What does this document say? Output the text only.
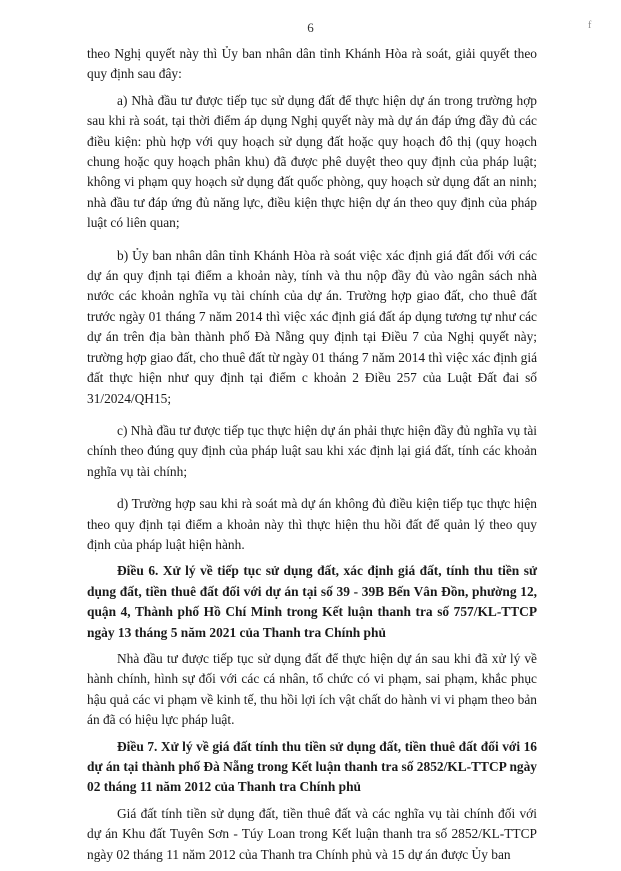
6	f

theo Nghị quyết này thì Ủy ban nhân dân tỉnh Khánh Hòa rà soát, giải quyết theo quy định sau đây:

a) Nhà đầu tư được tiếp tục sử dụng đất để thực hiện dự án trong trường hợp sau khi rà soát, tại thời điểm áp dụng Nghị quyết này mà dự án đáp ứng đầy đủ các điều kiện: phù hợp với quy hoạch sử dụng đất hoặc quy hoạch đô thị (quy hoạch chung hoặc quy hoạch phân khu) đã được phê duyệt theo quy định của pháp luật; không vi phạm quy hoạch sử dụng đất quốc phòng, quy hoạch sử dụng đất an ninh; nhà đầu tư đáp ứng đủ năng lực, điều kiện thực hiện dự án theo quy định của pháp luật có liên quan;

b) Ủy ban nhân dân tỉnh Khánh Hòa rà soát việc xác định giá đất đối với các dự án quy định tại điểm a khoản này, tính và thu nộp đầy đủ vào ngân sách nhà nước các khoản nghĩa vụ tài chính của dự án. Trường hợp giao đất, cho thuê đất trước ngày 01 tháng 7 năm 2014 thì việc xác định giá đất áp dụng tương tự như các dự án trên địa bàn thành phố Đà Nẵng quy định tại Điều 7 của Nghị quyết này; trường hợp giao đất, cho thuê đất từ ngày 01 tháng 7 năm 2014 thì việc xác định giá đất thực hiện như quy định tại điểm c khoản 2 Điều 257 của Luật Đất đai số 31/2024/QH15;

c) Nhà đầu tư được tiếp tục thực hiện dự án phải thực hiện đầy đủ nghĩa vụ tài chính theo đúng quy định của pháp luật sau khi xác định lại giá đất, tính các khoản nghĩa vụ tài chính;

d) Trường hợp sau khi rà soát mà dự án không đủ điều kiện tiếp tục thực hiện theo quy định tại điểm a khoản này thì thực hiện thu hồi đất để quản lý theo quy định của pháp luật hiện hành.

Điều 6. Xử lý về tiếp tục sử dụng đất, xác định giá đất, tính thu tiền sử dụng đất, tiền thuê đất đối với dự án tại số 39 - 39B Bến Vân Đồn, phường 12, quận 4, Thành phố Hồ Chí Minh trong Kết luận thanh tra số 757/KL-TTCP ngày 13 tháng 5 năm 2021 của Thanh tra Chính phủ

Nhà đầu tư được tiếp tục sử dụng đất để thực hiện dự án sau khi đã xử lý về hành chính, hình sự đối với các cá nhân, tổ chức có vi phạm, sai phạm, khắc phục hậu quả các vi phạm về kinh tế, thu hồi lợi ích vật chất do hành vi vi phạm theo bản án đã có hiệu lực pháp luật.

Điều 7. Xử lý về giá đất tính thu tiền sử dụng đất, tiền thuê đất đối với 16 dự án tại thành phố Đà Nẵng trong Kết luận thanh tra số 2852/KL-TTCP ngày 02 tháng 11 năm 2012 của Thanh tra Chính phủ

Giá đất tính tiền sử dụng đất, tiền thuê đất và các nghĩa vụ tài chính đối với dự án Khu đất Tuyên Sơn - Túy Loan trong Kết luận thanh tra số 2852/KL-TTCP ngày 02 tháng 11 năm 2012 của Thanh tra Chính phủ và 15 dự án được Ủy ban
